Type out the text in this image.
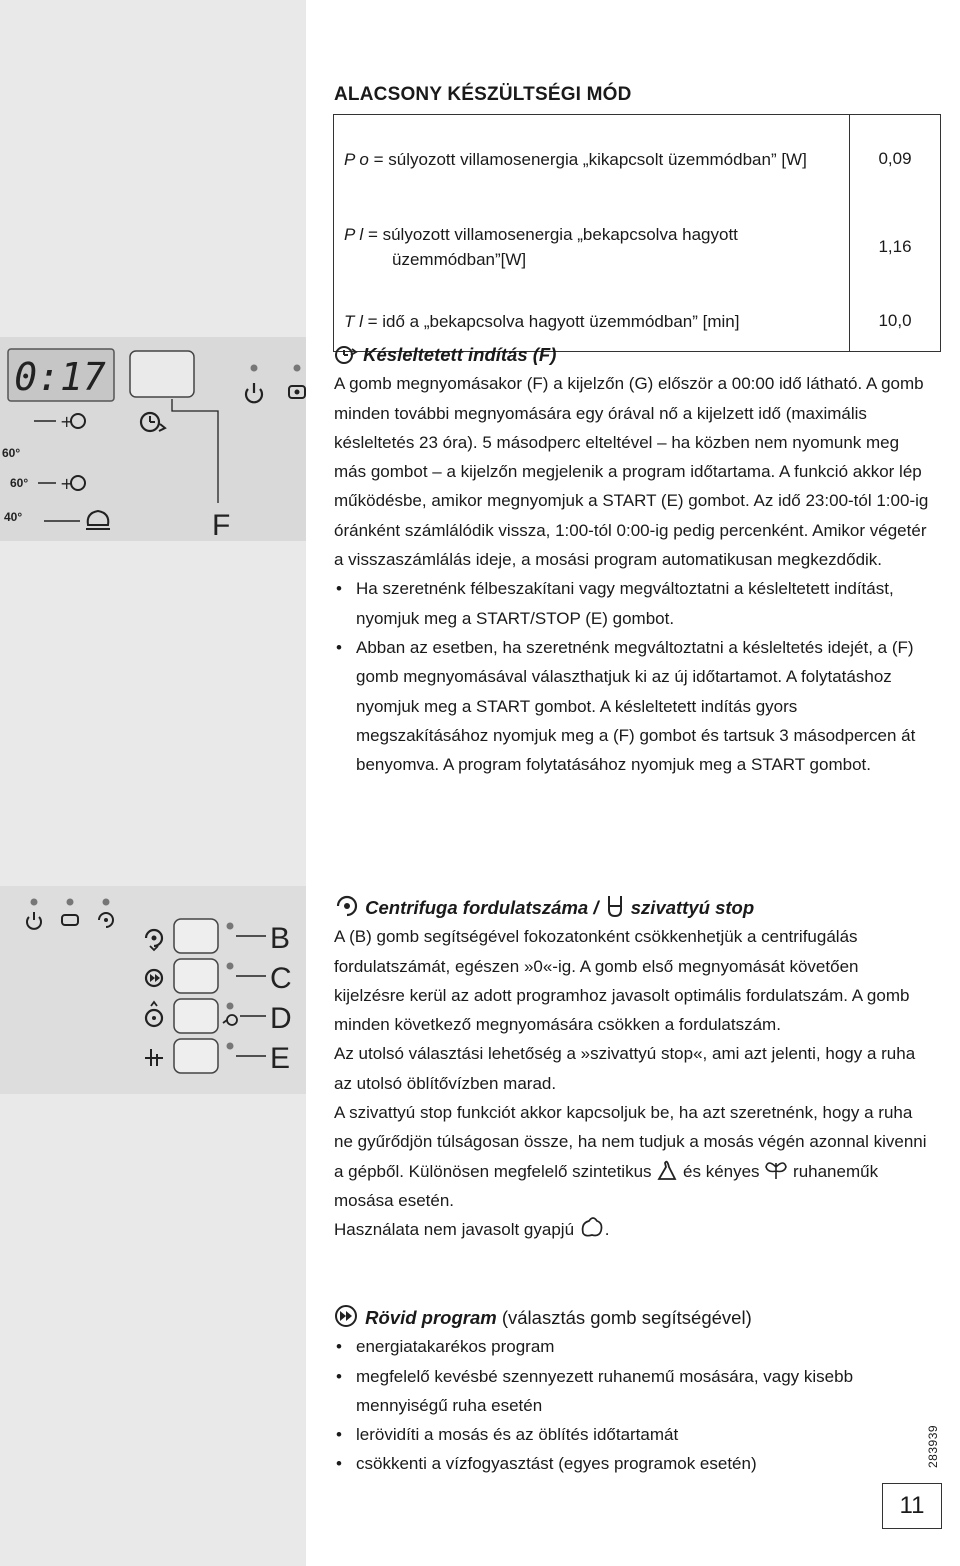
ALACSONY KÉSZÜLTSÉGI MÓD
P o = súlyozott villamosenergia „kikapcsolt üzemmódban” [W]	0,09

P l = súlyozott villamosenergia „bekapcsolva hagyott üzemmódban”[W]	1,16
T l = idő a „bekapcsolva hagyott üzemmódban” [min]	10,0
0:17
F
60°
60°
40°
+
+
B
C
D
E

Késleltetett indítás (F)

A gomb megnyomásakor (F) a kijelzőn (G) először a 00:00 idő látható. A gomb minden további megnyomására egy órával nő a kijelzett idő (maximális késleltetés 23 óra). 5 másodperc elteltével – ha közben nem nyomunk meg más gombot – a kijelzőn megjelenik a program időtartama. A funkció akkor lép működésbe, amikor megnyomjuk a START (E) gombot. Az idő 23:00-tól 1:00-ig óránként számlálódik vissza, 1:00-tól 0:00-ig pedig percenként. Amikor végetér a visszaszámlálás ideje, a mosási program automatikusan megkezdődik.

• Ha szeretnénk félbeszakítani vagy megváltoztatni a késleltetett indítást, nyomjuk meg a START/STOP (E) gombot.
• Abban az esetben, ha szeretnénk megváltoztatni a késleltetés idejét, a (F) gomb megnyomásával választhatjuk ki az új időtartamot. A folytatáshoz nyomjuk meg a START gombot. A késleltetett indítás gyors megszakításához nyomjuk meg a (F) gombot és tartsuk 3 másodpercen át benyomva. A program folytatásához nyomjuk meg a START gombot.

Centrifuga fordulatszáma / szivattyú stop

A (B) gomb segítségével fokozatonként csökkenhetjük a centrifugálás fordulatszámát, egészen »0«-ig. A gomb első megnyomását követően kijelzésre kerül az adott programhoz javasolt optimális fordulatszám. A gomb minden következő megnyomására csökken a fordulatszám.

Az utolsó választási lehetőség a »szivattyú stop«, ami azt jelenti, hogy a ruha az utolsó öblítővízben marad.

A szivattyú stop funkciót akkor kapcsoljuk be, ha azt szeretnénk, hogy a ruha ne gyűrődjön túlságosan össze, ha nem tudjuk a mosás végén azonnal kivenni a gépből. Különösen megfelelő szintetikus és kényes ruhaneműk mosása esetén.

Használata nem javasolt gyapjú .

Rövid program (választás gomb segítségével)

• energiatakarékos program
• megfelelő kevésbé szennyezett ruhanemű mosására, vagy kisebb mennyiségű ruha esetén
• lerövidíti a mosás és az öblítés időtartamát
• csökkenti a vízfogyasztást (egyes programok esetén)
11
283939
